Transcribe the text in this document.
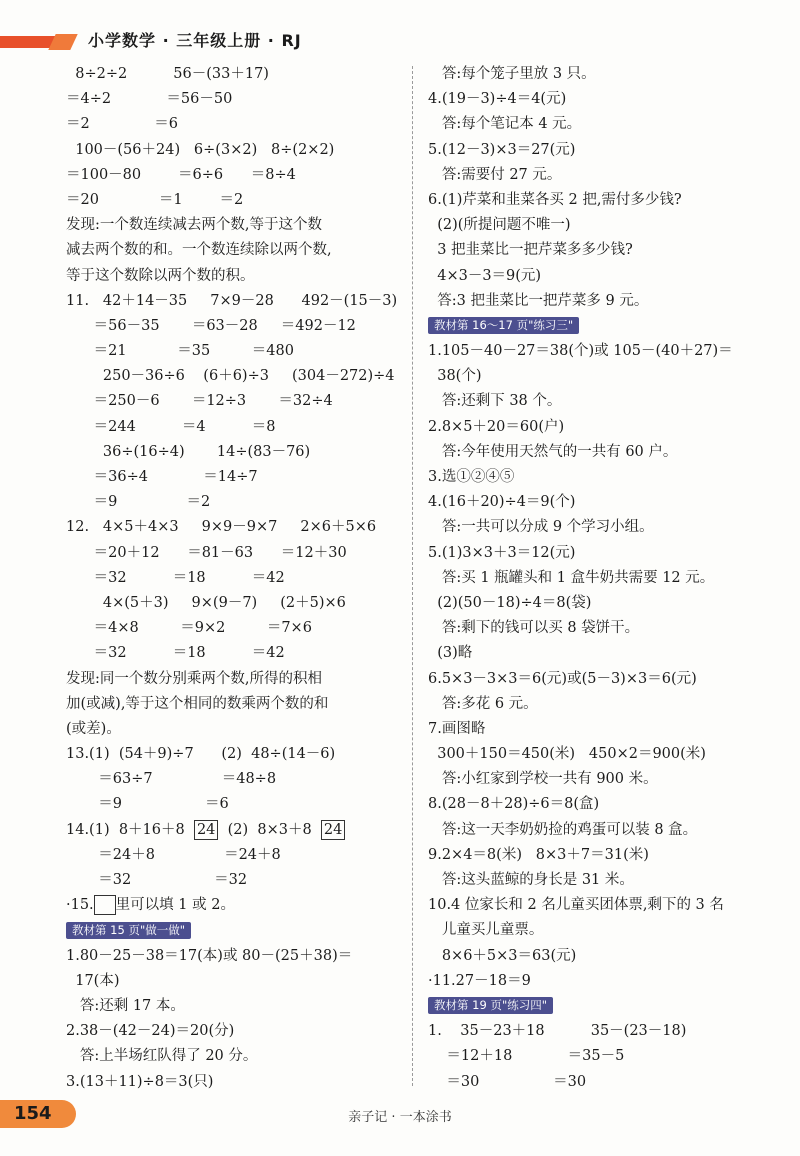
小学数学 · 三年级上册 · RJ
8÷2÷2          56－(33＋17)
＝4÷2            ＝56－50
＝2              ＝6
100－(56＋24)   6÷(3×2)   8÷(2×2)
＝100－80        ＝6÷6      ＝8÷4
＝20             ＝1        ＝2
发现:一个数连续减去两个数,等于这个数
减去两个数的和。一个数连续除以两个数,
等于这个数除以两个数的积。
11.   42＋14－35     7×9－28      492－(15－3)
＝56－35       ＝63－28     ＝492－12
＝21           ＝35         ＝480
250－36÷6    (6＋6)÷3     (304－272)÷4
＝250－6       ＝12÷3       ＝32÷4
＝244          ＝4          ＝8
36÷(16÷4)       14÷(83－76)
＝36÷4            ＝14÷7
＝9               ＝2
12.   4×5＋4×3     9×9－9×7     2×6＋5×6
＝20＋12      ＝81－63      ＝12＋30
＝32          ＝18          ＝42
4×(5＋3)     9×(9－7)     (2＋5)×6
＝4×8         ＝9×2         ＝7×6
＝32          ＝18          ＝42
发现:同一个数分别乘两个数,所得的积相
加(或减),等于这个相同的数乘两个数的和
(或差)。
13.(1)  (54＋9)÷7      (2)  48÷(14－6)
＝63÷7               ＝48÷8
＝9                  ＝6
14.(1)  8＋16＋8  24  (2)  8×3＋8  24
＝24＋8               ＝24＋8
＝32                  ＝32
·15. 里可以填 1 或 2。
教材第 15 页"做一做"
1.80－25－38＝17(本)或 80－(25＋38)＝
17(本)
答:还剩 17 本。
2.38－(42－24)＝20(分)
答:上半场红队得了 20 分。
3.(13＋11)÷8＝3(只)
答:每个笼子里放 3 只。
4.(19－3)÷4＝4(元)
答:每个笔记本 4 元。
5.(12－3)×3＝27(元)
答:需要付 27 元。
6.(1)芹菜和韭菜各买 2 把,需付多少钱?
(2)(所提问题不唯一)
3 把韭菜比一把芹菜多多少钱?
4×3－3＝9(元)
答:3 把韭菜比一把芹菜多 9 元。
教材第 16～17 页"练习三"
1.105－40－27＝38(个)或 105－(40＋27)＝
38(个)
答:还剩下 38 个。
2.8×5＋20＝60(户)
答:今年使用天然气的一共有 60 户。
3.选①②④⑤
4.(16＋20)÷4＝9(个)
答:一共可以分成 9 个学习小组。
5.(1)3×3＋3＝12(元)
答:买 1 瓶罐头和 1 盒牛奶共需要 12 元。
(2)(50－18)÷4＝8(袋)
答:剩下的钱可以买 8 袋饼干。
(3)略
6.5×3－3×3＝6(元)或(5－3)×3＝6(元)
答:多花 6 元。
7.画图略
300＋150＝450(米)   450×2＝900(米)
答:小红家到学校一共有 900 米。
8.(28－8＋28)÷6＝8(盒)
答:这一天李奶奶捡的鸡蛋可以装 8 盒。
9.2×4＝8(米)   8×3＋7＝31(米)
答:这头蓝鲸的身长是 31 米。
10.4 位家长和 2 名儿童买团体票,剩下的 3 名
儿童买儿童票。
8×6＋5×3＝63(元)
·11.27－18＝9
教材第 19 页"练习四"
1.    35－23＋18          35－(23－18)
＝12＋18            ＝35－5
＝30                ＝30
154	亲子记 · 一本涂书
